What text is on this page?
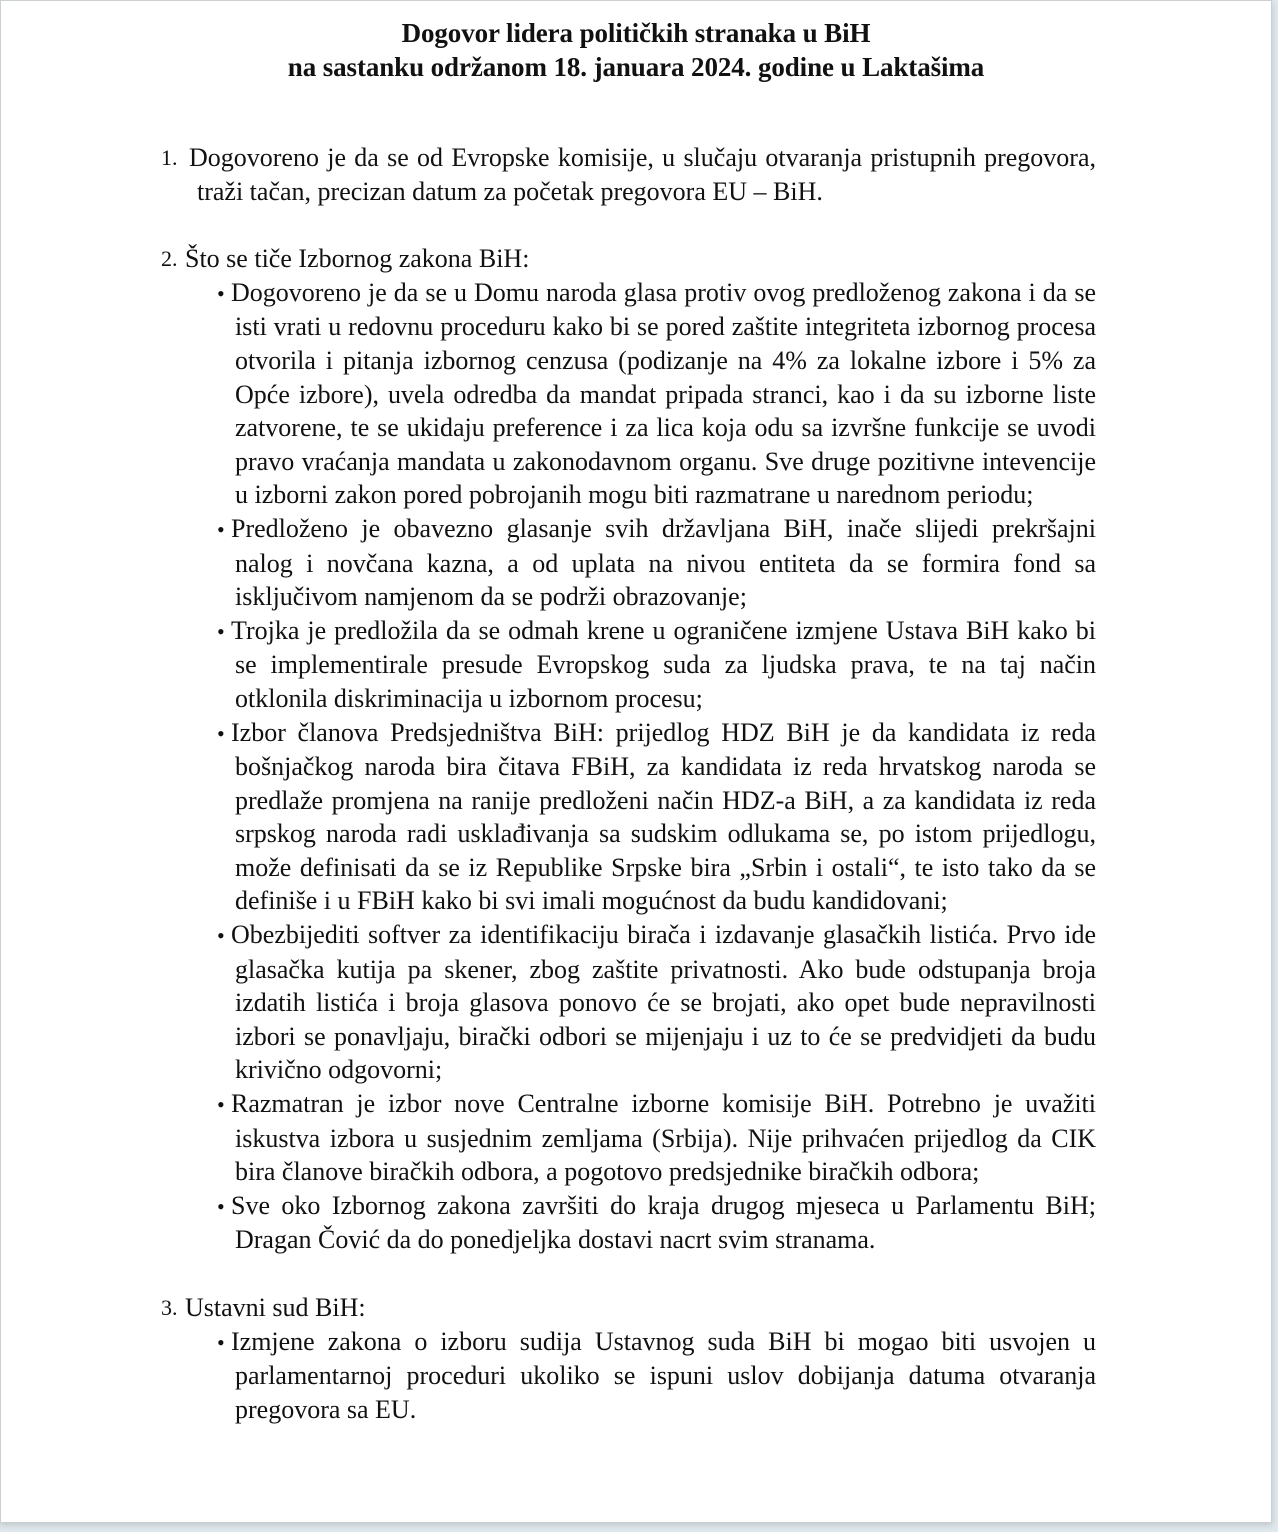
Dogovor lidera političkih stranaka u BiH
na sastanku održanom 18. januara 2024. godine u Laktašima
1. Dogovoreno je da se od Evropske komisije, u slučaju otvaranja pristupnih pregovora, traži tačan, precizan datum za početak pregovora EU – BiH.
2. Što se tiče Izbornog zakona BiH:
• Dogovoreno je da se u Domu naroda glasa protiv ovog predloženog zakona i da se isti vrati u redovnu proceduru kako bi se pored zaštite integriteta izbornog procesa otvorila i pitanja izbornog cenzusa (podizanje na 4% za lokalne izbore i 5% za Opće izbore), uvela odredba da mandat pripada stranci, kao i da su izborne liste zatvorene, te se ukidaju preference i za lica koja odu sa izvršne funkcije se uvodi pravo vraćanja mandata u zakonodavnom organu. Sve druge pozitivne intevencije u izborni zakon pored pobrojanih mogu biti razmatrane u narednom periodu;
• Predloženo je obavezno glasanje svih državljana BiH, inače slijedi prekršajni nalog i novčana kazna, a od uplata na nivou entiteta da se formira fond sa isključivom namjenom da se podrži obrazovanje;
• Trojka je predložila da se odmah krene u ograničene izmjene Ustava BiH kako bi se implementirale presude Evropskog suda za ljudska prava, te na taj način otklonila diskriminacija u izbornom procesu;
• Izbor članova Predsjedništva BiH: prijedlog HDZ BiH je da kandidata iz reda bošnjačkog naroda bira čitava FBiH, za kandidata iz reda hrvatskog naroda se predlaže promjena na ranije predloženi način HDZ-a BiH, a za kandidata iz reda srpskog naroda radi usklađivanja sa sudskim odlukama se, po istom prijedlogu, može definisati da se iz Republike Srpske bira „Srbin i ostali“, te isto tako da se definiše i u FBiH kako bi svi imali mogućnost da budu kandidovani;
• Obezbijediti softver za identifikaciju birača i izdavanje glasačkih listića. Prvo ide glasačka kutija pa skener, zbog zaštite privatnosti. Ako bude odstupanja broja izdatih listića i broja glasova ponovo će se brojati, ako opet bude nepravilnosti izbori se ponavljaju, birački odbori se mijenjaju i uz to će se predvidjeti da budu krivično odgovorni;
• Razmatran je izbor nove Centralne izborne komisije BiH. Potrebno je uvažiti iskustva izbora u susjednim zemljama (Srbija). Nije prihvaćen prijedlog da CIK bira članove biračkih odbora, a pogotovo predsjednike biračkih odbora;
• Sve oko Izbornog zakona završiti do kraja drugog mjeseca u Parlamentu BiH; Dragan Čović da do ponedjeljka dostavi nacrt svim stranama.
3. Ustavni sud BiH:
• Izmjene zakona o izboru sudija Ustavnog suda BiH bi mogao biti usvojen u parlamentarnoj proceduri ukoliko se ispuni uslov dobijanja datuma otvaranja pregovora sa EU.
